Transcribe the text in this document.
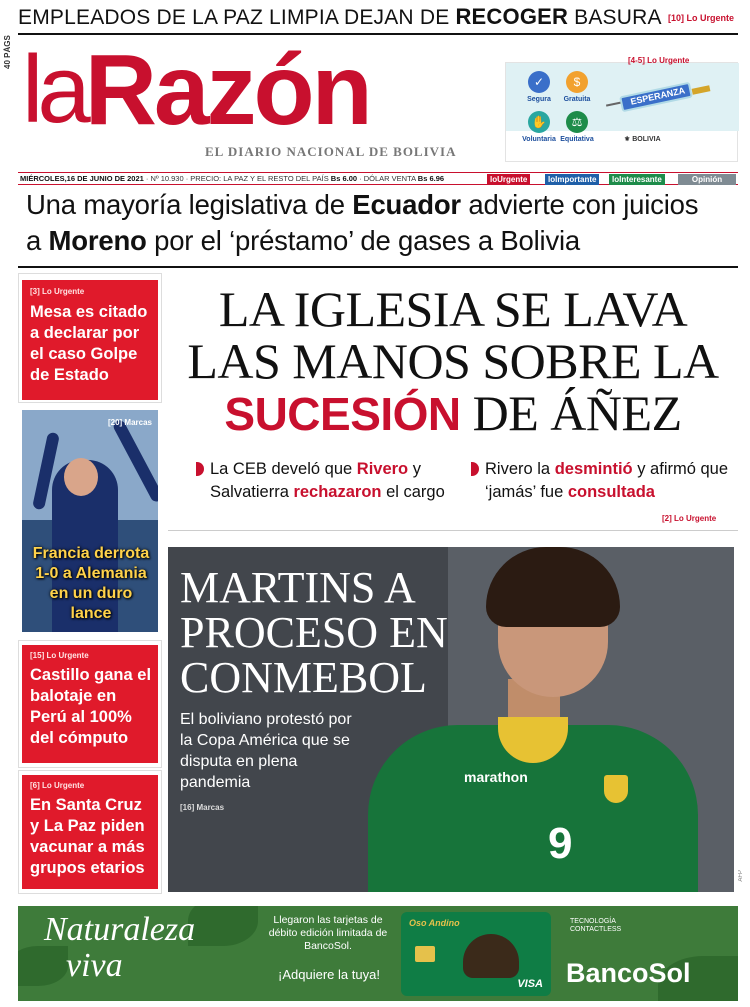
EMPLEADOS DE LA PAZ LIMPIA DEJAN DE RECOGER BASURA [10] Lo Urgente
40 PÁGS laRazón
EL DIARIO NACIONAL DE BOLIVIA
✓
Segura
$
Gratuita
✋
Voluntaria
⚖
Equitativa
ESPERANZA
⚜ BOLIVIA
MIÉRCOLES,16 DE JUNIO DE 2021 · Nº 10.930 · PRECIO: LA PAZ Y EL RESTO DEL PAÍS Bs 6.00 · DÓLAR VENTA Bs 6.96	loUrgente	loImportante	loInteresante	Opinión
Una mayoría legislativa de Ecuador advierte con juicios
a Moreno por el ‘préstamo’ de gases a Bolivia
[4-5] Lo Urgente
[3] Lo Urgente
Mesa es citado a declarar por el caso Golpe de Estado
[20] Marcas
Francia derrota 1-0 a Alemania en un duro lance
[15] Lo Urgente
Castillo gana el balotaje en Perú al 100% del cómputo
[6] Lo Urgente
En Santa Cruz y La Paz piden vacunar a más grupos etarios
LA IGLESIA SE LAVA
LAS MANOS SOBRE LA
SUCESIÓN DE ÁÑEZ
La CEB develó que Rivero y Salvatierra rechazaron el cargo
Rivero la desmintió y afirmó que ‘jamás’ fue consultada
[2] Lo Urgente
marathon
9
MARTINS A
PROCESO EN
CONMEBOL
El boliviano protestó por la Copa América que se disputa en plena pandemia
[16] Marcas
AFP
Naturaleza
viva
Llegaron las tarjetas de débito edición limitada de BancoSol.
¡Adquiere la tuya!
Oso Andino
VISA
TECNOLOGÍA CONTACTLESS
BancoSol
